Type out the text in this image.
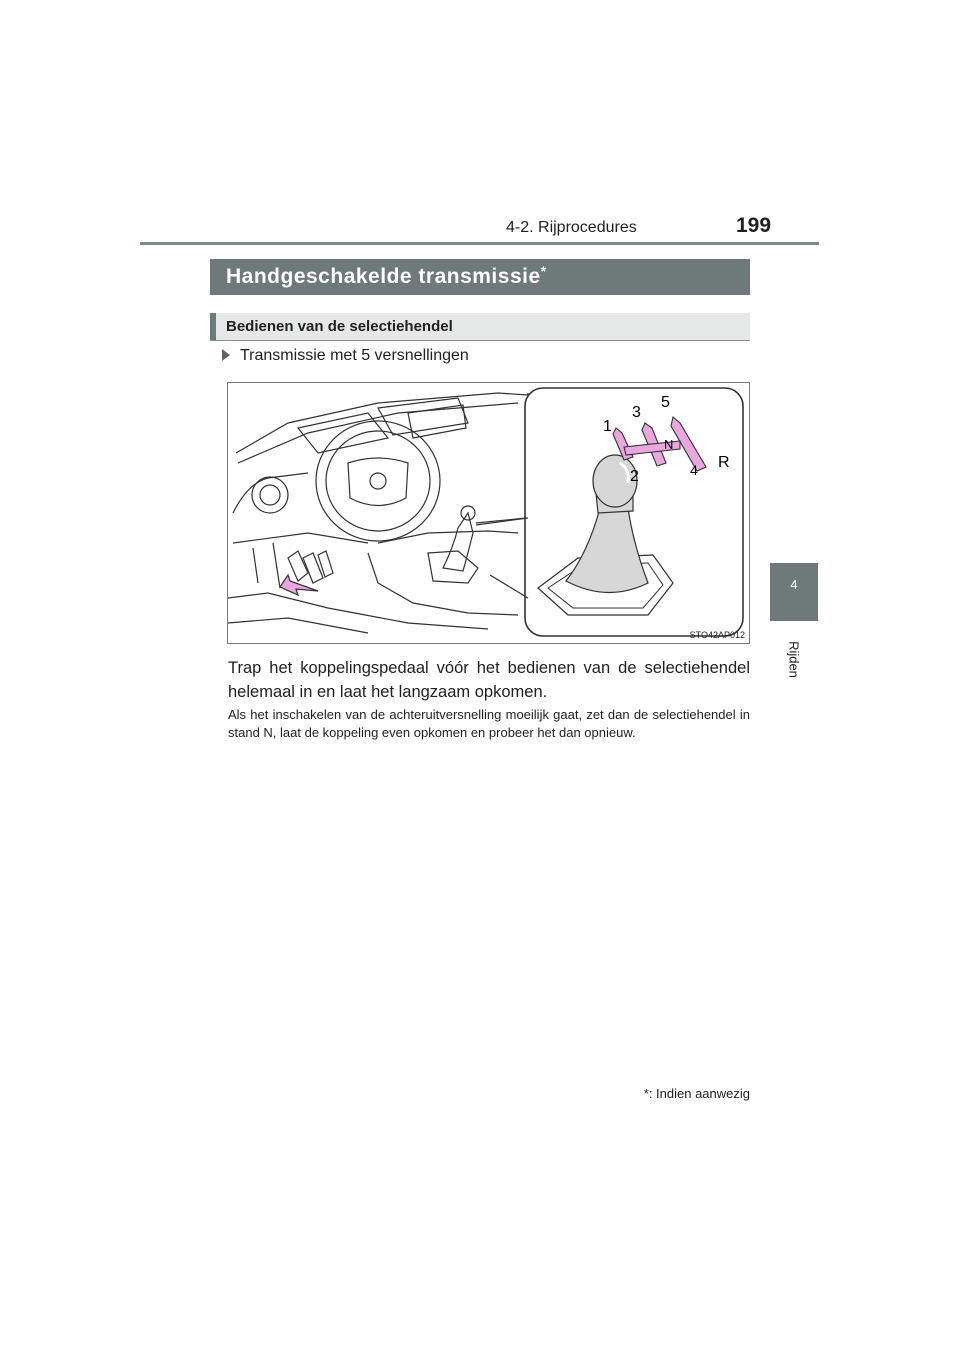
4-2. Rijprocedures	199
4
Rijden
Handgeschakelde transmissie*
Bedienen van de selectiehendel
Transmissie met 5 versnellingen
1
3
5
2	4 R
N
STO42AP012
Trap het koppelingspedaal vóór het bedienen van de selectiehendel helemaal in en laat het langzaam opkomen.
Als het inschakelen van de achteruitversnelling moeilijk gaat, zet dan de selectiehendel in stand N, laat de koppeling even opkomen en probeer het dan opnieuw.
*: Indien aanwezig
